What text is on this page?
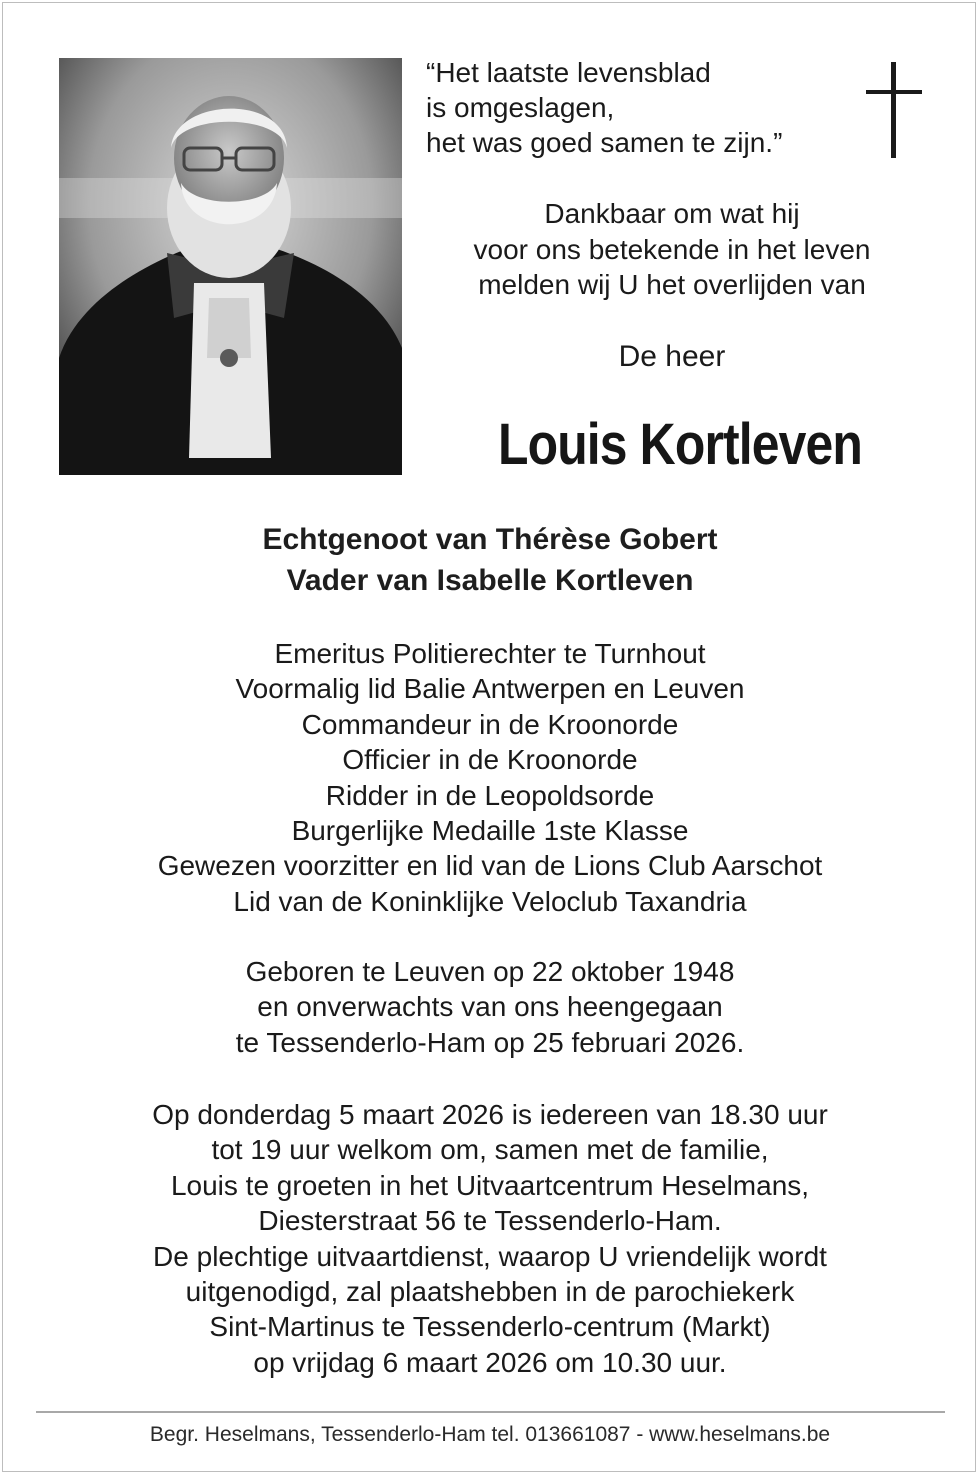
“Het laatste levensblad
is omgeslagen,
het was goed samen te zijn.”
Dankbaar om wat hij
voor ons betekende in het leven
melden wij U het overlijden van
De heer
Louis Kortleven
Echtgenoot van Thérèse Gobert
Vader van Isabelle Kortleven
Emeritus Politierechter te Turnhout
Voormalig lid Balie Antwerpen en Leuven
Commandeur in de Kroonorde
Officier in de Kroonorde
Ridder in de Leopoldsorde
Burgerlijke Medaille 1ste Klasse
Gewezen voorzitter en lid van de Lions Club Aarschot
Lid van de Koninklijke Veloclub Taxandria
Geboren te Leuven op 22 oktober 1948
en onverwachts van ons heengegaan
te Tessenderlo-Ham op 25 februari 2026.
Op donderdag 5 maart 2026 is iedereen van 18.30 uur
tot 19 uur welkom om, samen met de familie,
Louis te groeten in het Uitvaartcentrum Heselmans,
Diesterstraat 56 te Tessenderlo-Ham.
De plechtige uitvaartdienst, waarop U vriendelijk wordt
uitgenodigd, zal plaatshebben in de parochiekerk
Sint-Martinus te Tessenderlo-centrum (Markt)
op vrijdag 6 maart 2026 om 10.30 uur.
Begr. Heselmans, Tessenderlo-Ham tel. 013661087 - www.heselmans.be
